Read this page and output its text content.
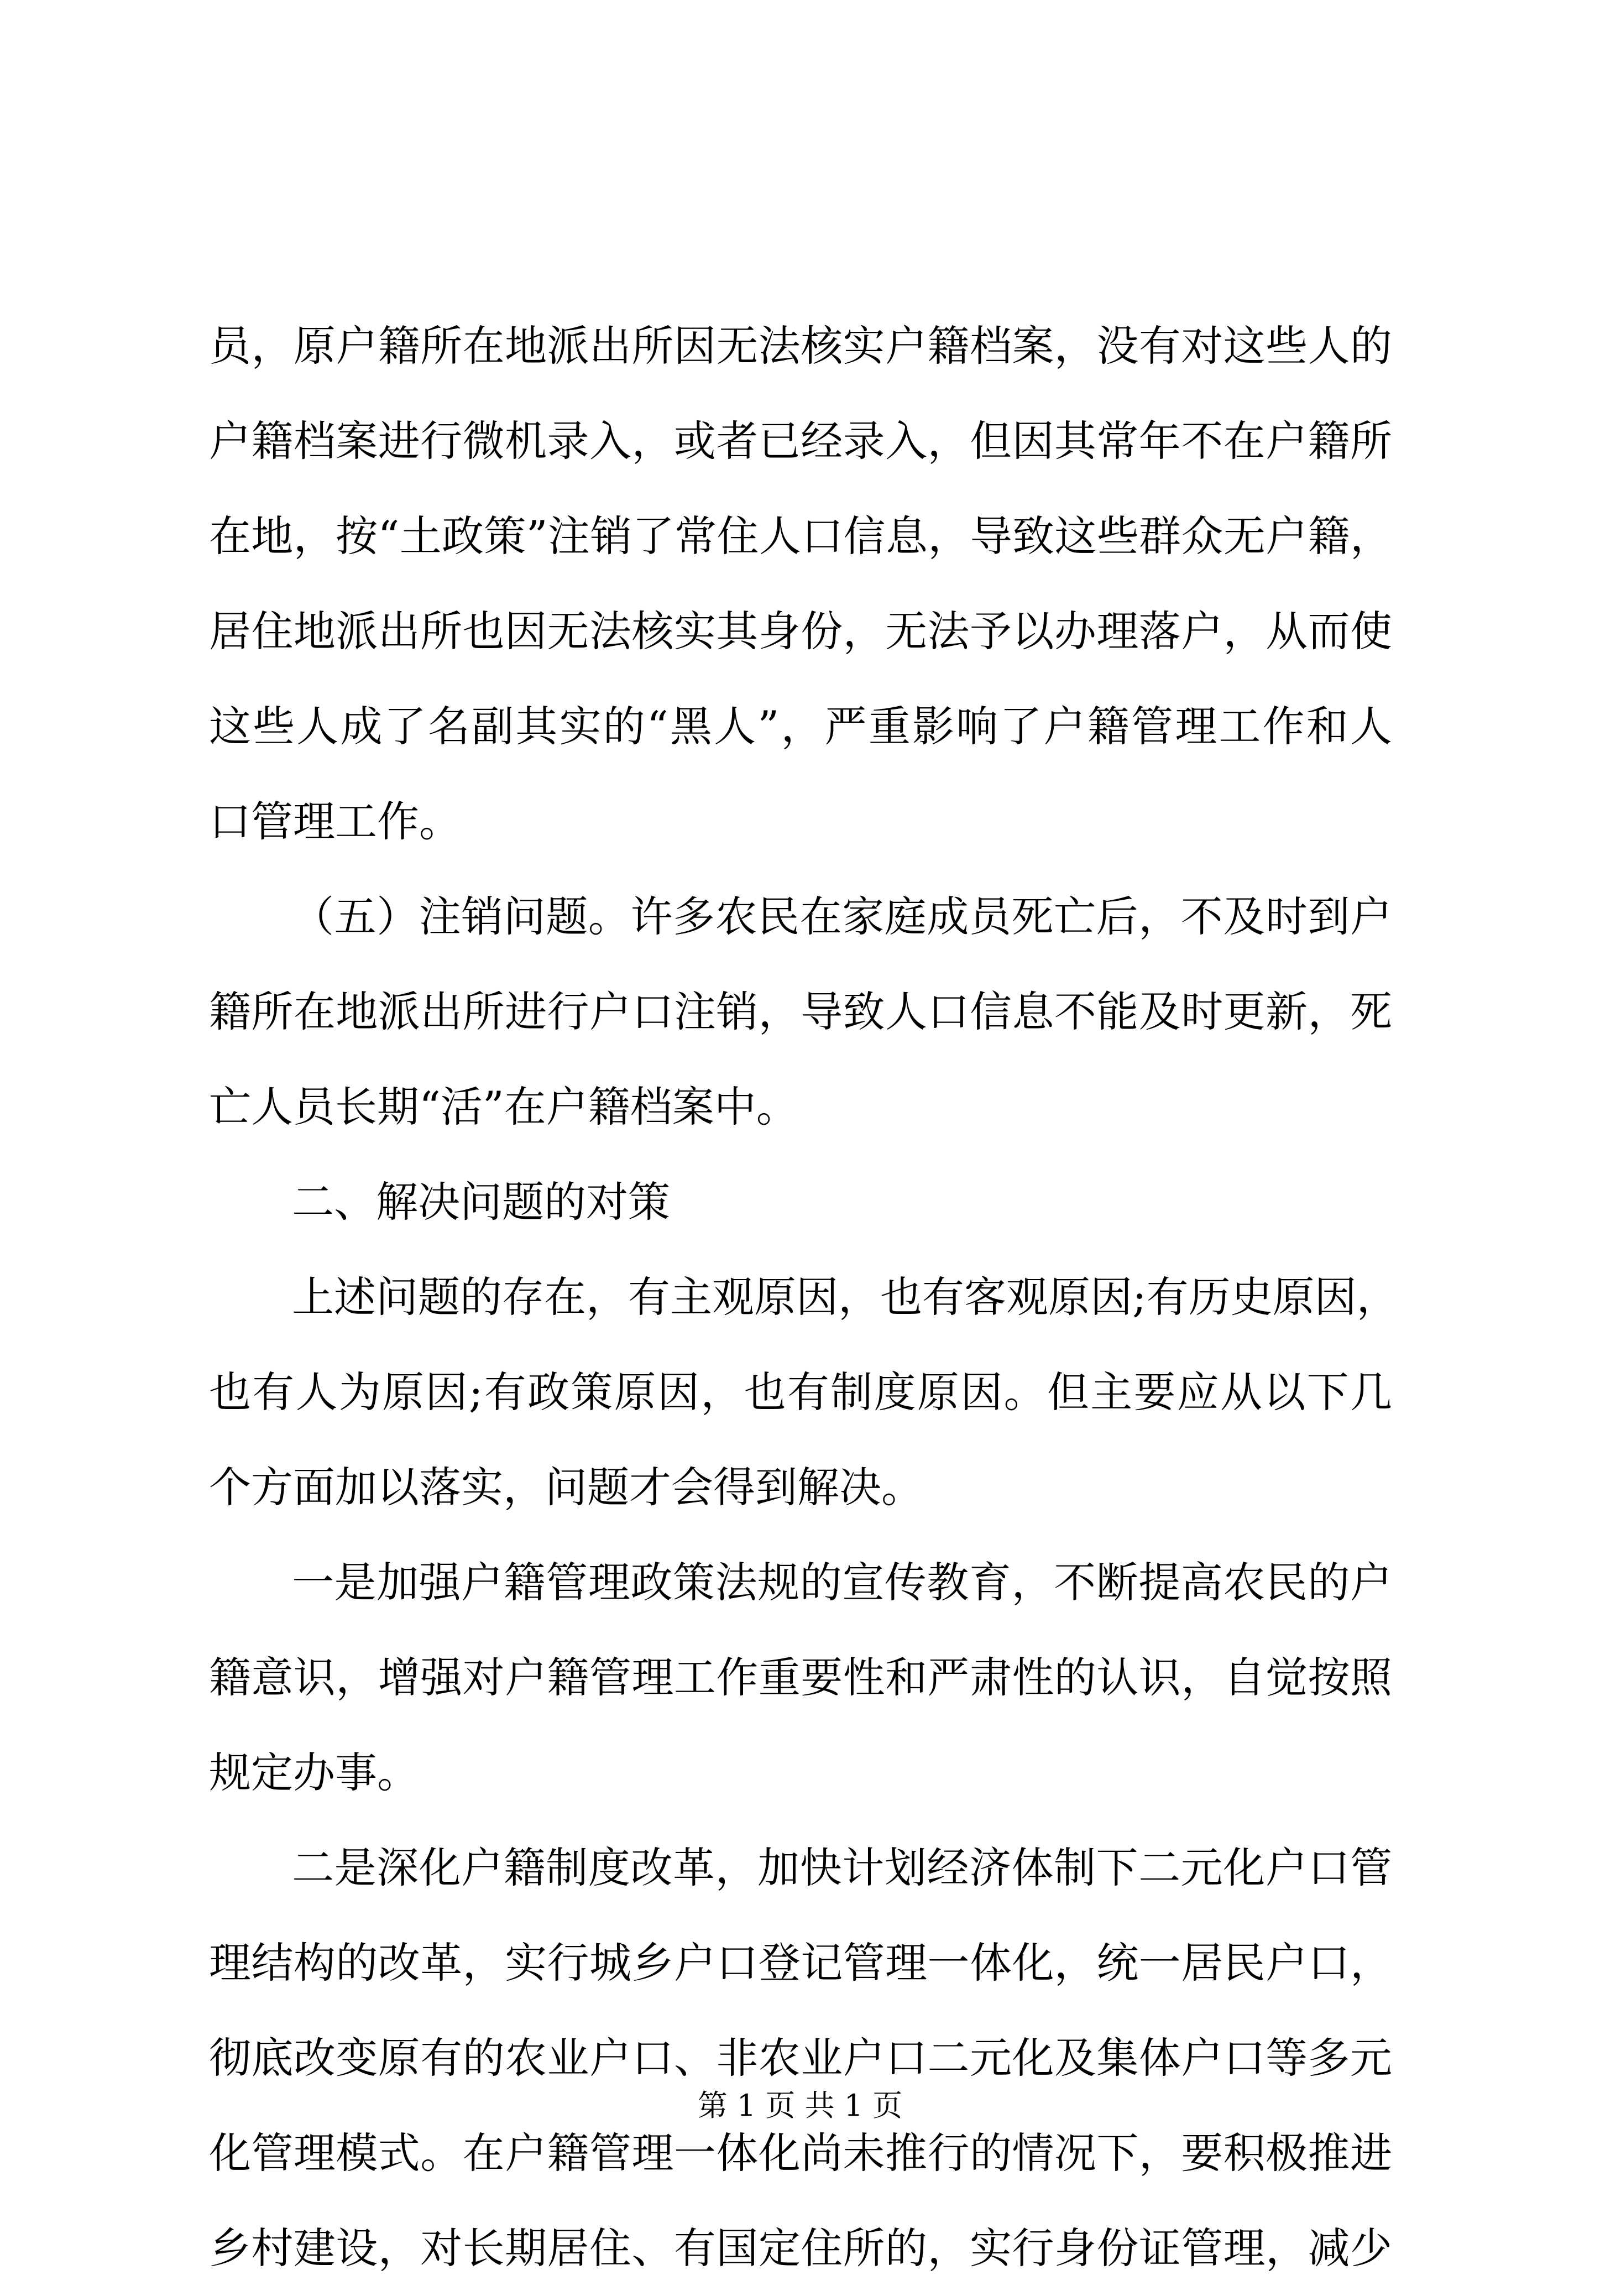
员，原户籍所在地派出所因无法核实户籍档案，没有对这些人的
户籍档案进行微机录入，或者已经录入，但因其常年不在户籍所
在地，按“土政策”注销了常住人口信息，导致这些群众无户籍，
居住地派出所也因无法核实其身份，无法予以办理落户，从而使
这些人成了名副其实的“黑人”，严重影响了户籍管理工作和人
口管理工作。
（五）注销问题。许多农民在家庭成员死亡后，不及时到户
籍所在地派出所进行户口注销，导致人口信息不能及时更新，死
亡人员长期“活”在户籍档案中。
二、解决问题的对策
上述问题的存在，有主观原因，也有客观原因;有历史原因，
也有人为原因;有政策原因，也有制度原因。但主要应从以下几
个方面加以落实，问题才会得到解决。
一是加强户籍管理政策法规的宣传教育，不断提高农民的户
籍意识，增强对户籍管理工作重要性和严肃性的认识，自觉按照
规定办事。
二是深化户籍制度改革，加快计划经济体制下二元化户口管
理结构的改革，实行城乡户口登记管理一体化，统一居民户口，
彻底改变原有的农业户口、非农业户口二元化及集体户口等多元
化管理模式。在户籍管理一体化尚未推行的情况下，要积极推进
乡村建设，对长期居住、有国定住所的，实行身份证管理，减少
第 1 页 共 1 页
